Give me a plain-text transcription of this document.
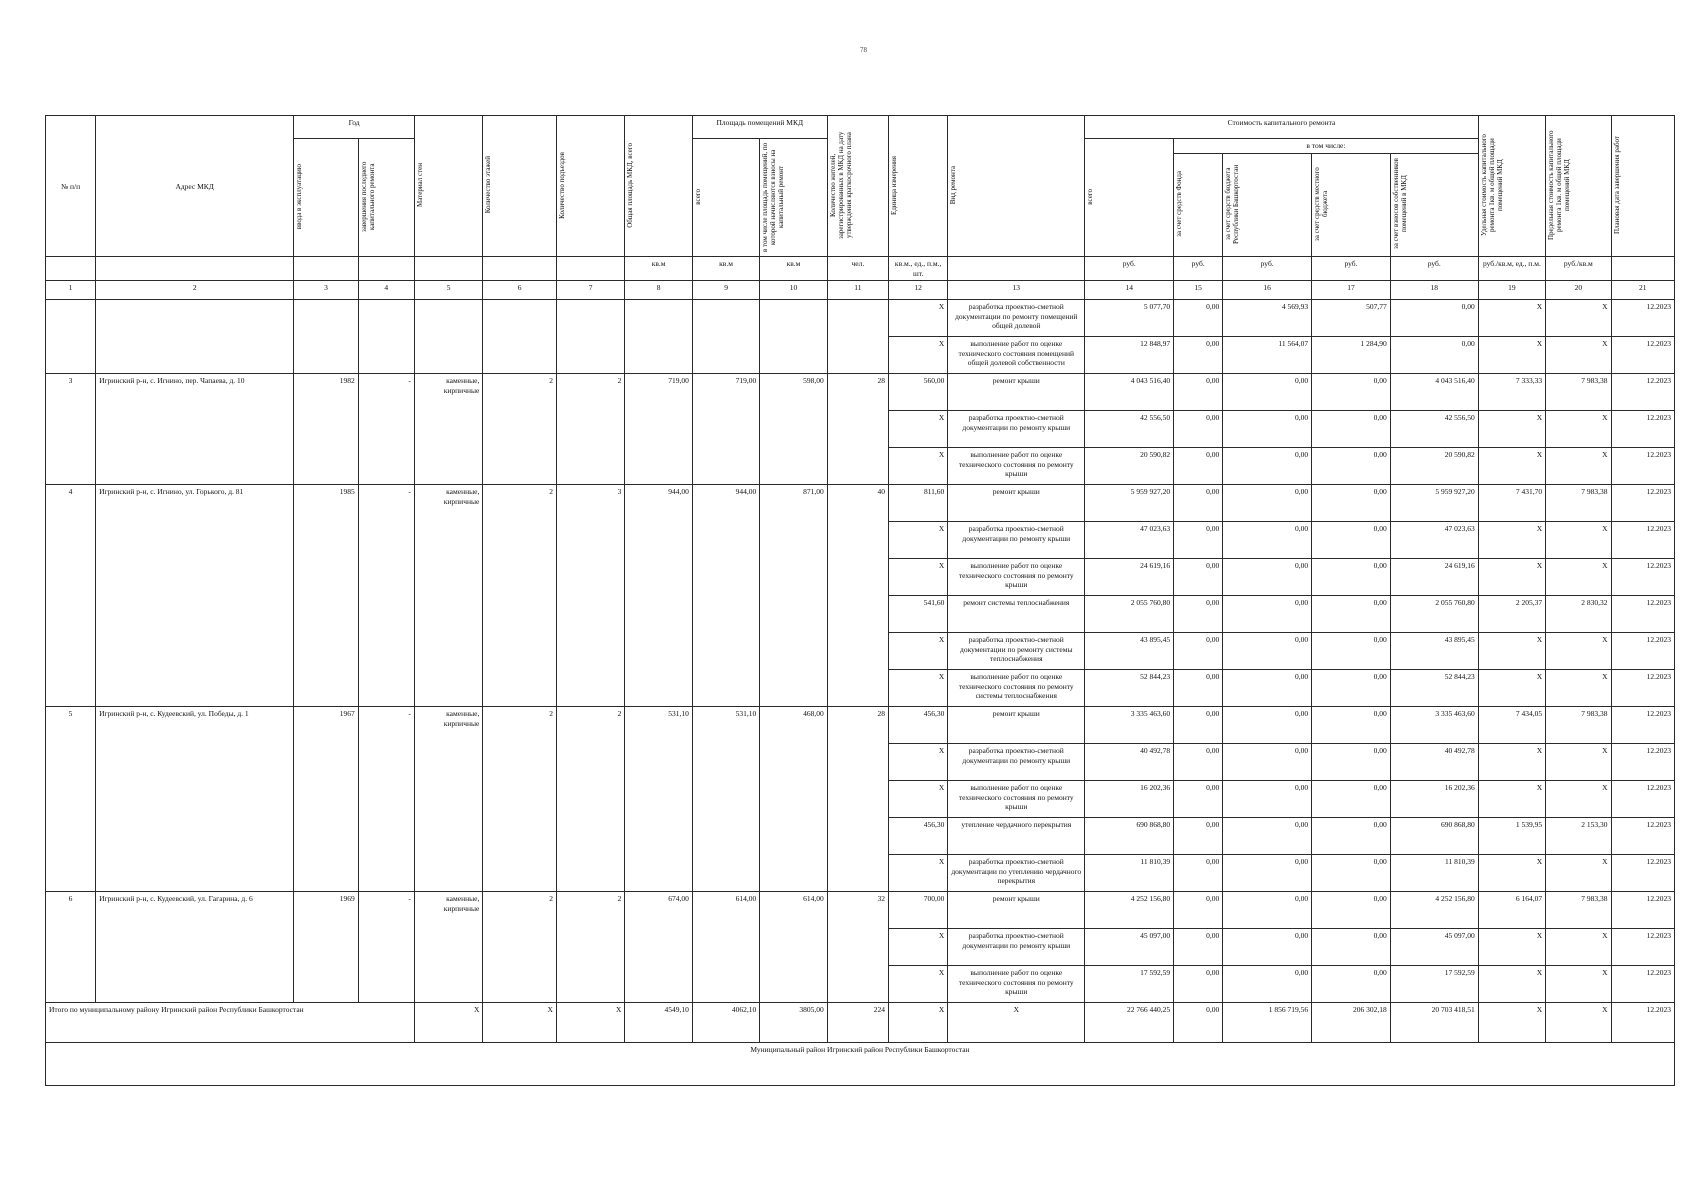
78
№ п/п	Адрес МКД	Год		Материал стен	Количество этажей	Количество подъездов	Общая площадь МКД, всего	Площадь помещений МКД		Количество жителей, зарегистрированных в МКД на дату утверждения краткосрочного плана	Единица измерения	Вид ремонта	Стоимость капитального ремонта					Удельная стоимость капитального ремонта 1кв. м общей площади помещений МКД	Предельная стоимость капитального ремонта 1кв. м общей площади помещений МКД	Плановая дата завершения работ
		ввода в эксплуатацию	завершения последнего капитального ремонта					всего	в том числе площадь помещений, по которой начисляются взносы на капитальный ремонт				всего	в том числе:						
														за счет средств Фонда	за счет средств бюджета Республики Башкортостан	за счет средств местного бюджета	за счет взносов собственников помещений в МКД			
							кв.м	кв.м	кв.м	чел.	кв.м., ед., п.м., шт.		руб.	руб.	руб.	руб.	руб.	руб./кв.м, ед., п.м.	руб./кв.м	
1	2	3	4	5	6	7	8	9	10	11	12	13	14	15	16	17	18	19	20	21
											X	разработка проектно-сметной документации по ремонту помещений общей долевой	5 077,70	0,00	4 569,93	507,77	0,00	X	X	12.2023
											X	выполнение работ по оценке технического состояния помещений общей долевой собственности	12 848,97	0,00	11 564,07	1 284,90	0,00	X	X	12.2023
3	Игринский р-н, с. Игнино, пер. Чапаева, д. 10	1982	-	каменные, кирпичные	2	2	719,00	719,00	598,00	28	560,00	ремонт крыши	4 043 516,40	0,00	0,00	0,00	4 043 516,40	7 333,33	7 983,38	12.2023
											X	разработка проектно-сметной документации по ремонту крыши	42 556,50	0,00	0,00	0,00	42 556,50	X	X	12.2023
											X	выполнение работ по оценке технического состояния по ремонту крыши	20 590,82	0,00	0,00	0,00	20 590,82	X	X	12.2023
4	Игринский р-н, с. Игнино, ул. Горького, д. 81	1985	-	каменные, кирпичные	2	3	944,00	944,00	871,00	40	811,60	ремонт крыши	5 959 927,20	0,00	0,00	0,00	5 959 927,20	7 431,70	7 983,38	12.2023
											X	разработка проектно-сметной документации по ремонту крыши	47 023,63	0,00	0,00	0,00	47 023,63	X	X	12.2023
											X	выполнение работ по оценке технического состояния по ремонту крыши	24 619,16	0,00	0,00	0,00	24 619,16	X	X	12.2023
											541,60	ремонт системы теплоснабжения	2 055 760,80	0,00	0,00	0,00	2 055 760,80	2 205,37	2 830,32	12.2023
											X	разработка проектно-сметной документации по ремонту системы теплоснабжения	43 895,45	0,00	0,00	0,00	43 895,45	X	X	12.2023
											X	выполнение работ по оценке технического состояния по ремонту системы теплоснабжения	52 844,23	0,00	0,00	0,00	52 844,23	X	X	12.2023
5	Игринский р-н, с. Кудеевский, ул. Победы, д. 1	1967	-	каменные, кирпичные	2	2	531,10	531,10	468,00	28	456,30	ремонт крыши	3 335 463,60	0,00	0,00	0,00	3 335 463,60	7 434,05	7 983,38	12.2023
											X	разработка проектно-сметной документации по ремонту крыши	40 492,78	0,00	0,00	0,00	40 492,78	X	X	12.2023
											X	выполнение работ по оценке технического состояния по ремонту крыши	16 202,36	0,00	0,00	0,00	16 202,36	X	X	12.2023
											456,30	утепление чердачного перекрытия	690 868,80	0,00	0,00	0,00	690 868,80	1 539,95	2 153,30	12.2023
											X	разработка проектно-сметной документации по утеплению чердачного перекрытия	11 810,39	0,00	0,00	0,00	11 810,39	X	X	12.2023
6	Игринский р-н, с. Кудеевский, ул. Гагарина, д. 6	1969	-	каменные, кирпичные	2	2	674,00	614,00	614,00	32	700,00	ремонт крыши	4 252 156,80	0,00	0,00	0,00	4 252 156,80	6 164,07	7 983,38	12.2023
											X	разработка проектно-сметной документации по ремонту крыши	45 097,00	0,00	0,00	0,00	45 097,00	X	X	12.2023
											X	выполнение работ по оценке технического состояния по ремонту крыши	17 592,59	0,00	0,00	0,00	17 592,59	X	X	12.2023
Итого по муниципальному району Игринский район Республики Башкортостан				X	X	X	4549,10	4062,10	3805,00	224	X	X	22 766 440,25	0,00	1 856 719,56	206 302,18	20 703 418,51	X	X	12.2023
Муниципальный район Игринский район Республики Башкортостан																				
